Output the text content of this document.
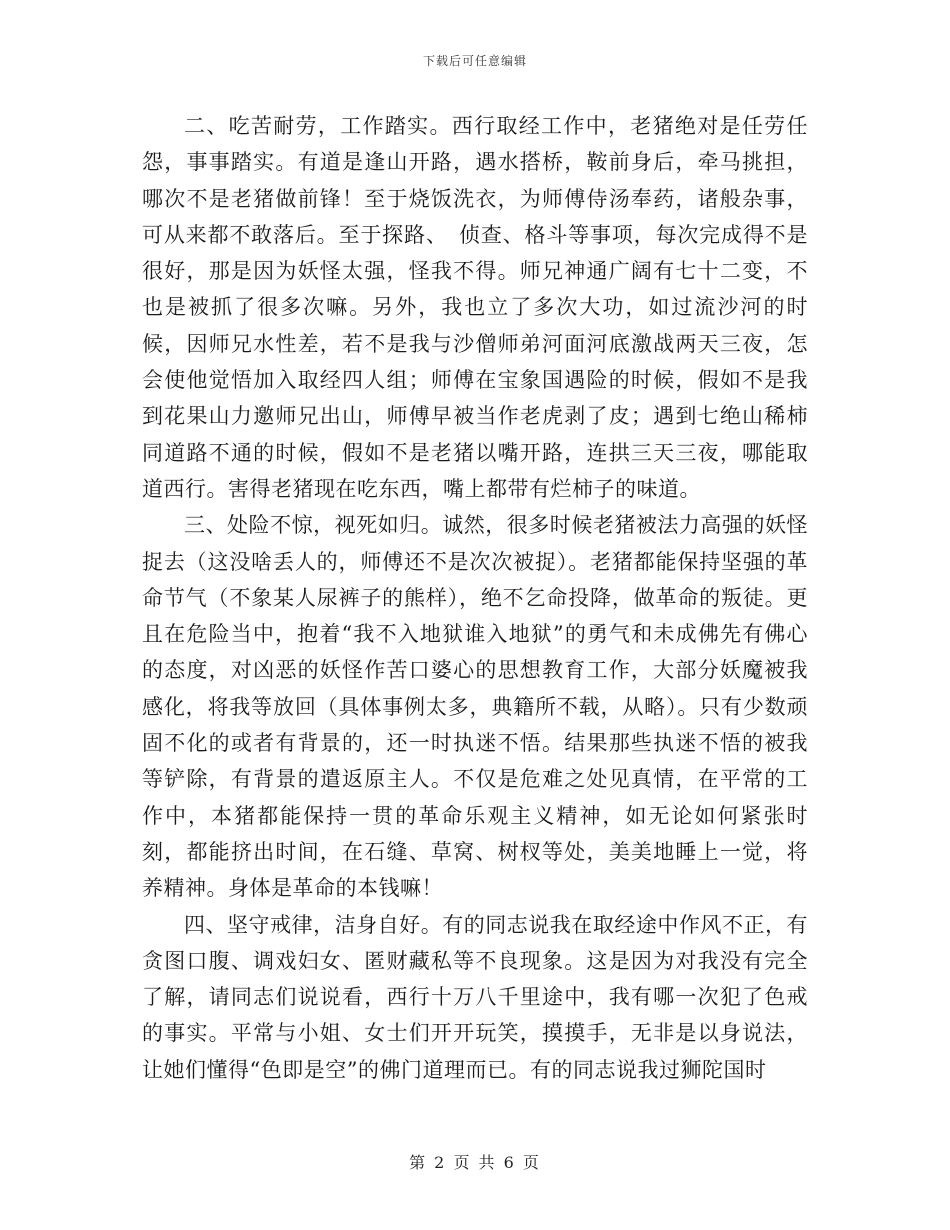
下载后可任意编辑

二、吃苦耐劳，工作踏实。西行取经工作中，老猪绝对是任劳任怨，事事踏实。有道是逢山开路，遇水搭桥，鞍前身后，牵马挑担，哪次不是老猪做前锋！至于烧饭洗衣，为师傅侍汤奉药，诸般杂事，可从来都不敢落后。至于探路、　侦查、格斗等事项，每次完成得不是很好，那是因为妖怪太强，怪我不得。师兄神通广阔有七十二变，不也是被抓了很多次嘛。另外，我也立了多次大功，如过流沙河的时候，因师兄水性差，若不是我与沙僧师弟河面河底激战两天三夜，怎会使他觉悟加入取经四人组；师傅在宝象国遇险的时候，假如不是我到花果山力邀师兄出山，师傅早被当作老虎剥了皮；遇到七绝山稀柿同道路不通的时候，假如不是老猪以嘴开路，连拱三天三夜，哪能取道西行。害得老猪现在吃东西，嘴上都带有烂柿子的味道。

三、处险不惊，视死如归。诚然，很多时候老猪被法力高强的妖怪捉去（这没啥丢人的，师傅还不是次次被捉）。老猪都能保持坚强的革命节气（不象某人尿裤子的熊样），绝不乞命投降，做革命的叛徒。更且在危险当中，抱着“我不入地狱谁入地狱”的勇气和未成佛先有佛心的态度，对凶恶的妖怪作苦口婆心的思想教育工作，大部分妖魔被我感化，将我等放回（具体事例太多，典籍所不载，从略）。只有少数顽固不化的或者有背景的，还一时执迷不悟。结果那些执迷不悟的被我等铲除，有背景的遣返原主人。不仅是危难之处见真情，在平常的工作中，本猪都能保持一贯的革命乐观主义精神，如无论如何紧张时刻，都能挤出时间，在石缝、草窝、树杈等处，美美地睡上一觉，将养精神。身体是革命的本钱嘛！

四、坚守戒律，洁身自好。有的同志说我在取经途中作风不正，有贪图口腹、调戏妇女、匿财藏私等不良现象。这是因为对我没有完全了解，请同志们说说看，西行十万八千里途中，我有哪一次犯了色戒的事实。平常与小姐、女士们开开玩笑，摸摸手，无非是以身说法，让她们懂得“色即是空”的佛门道理而已。有的同志说我过狮陀国时

第 2 页 共 6 页
